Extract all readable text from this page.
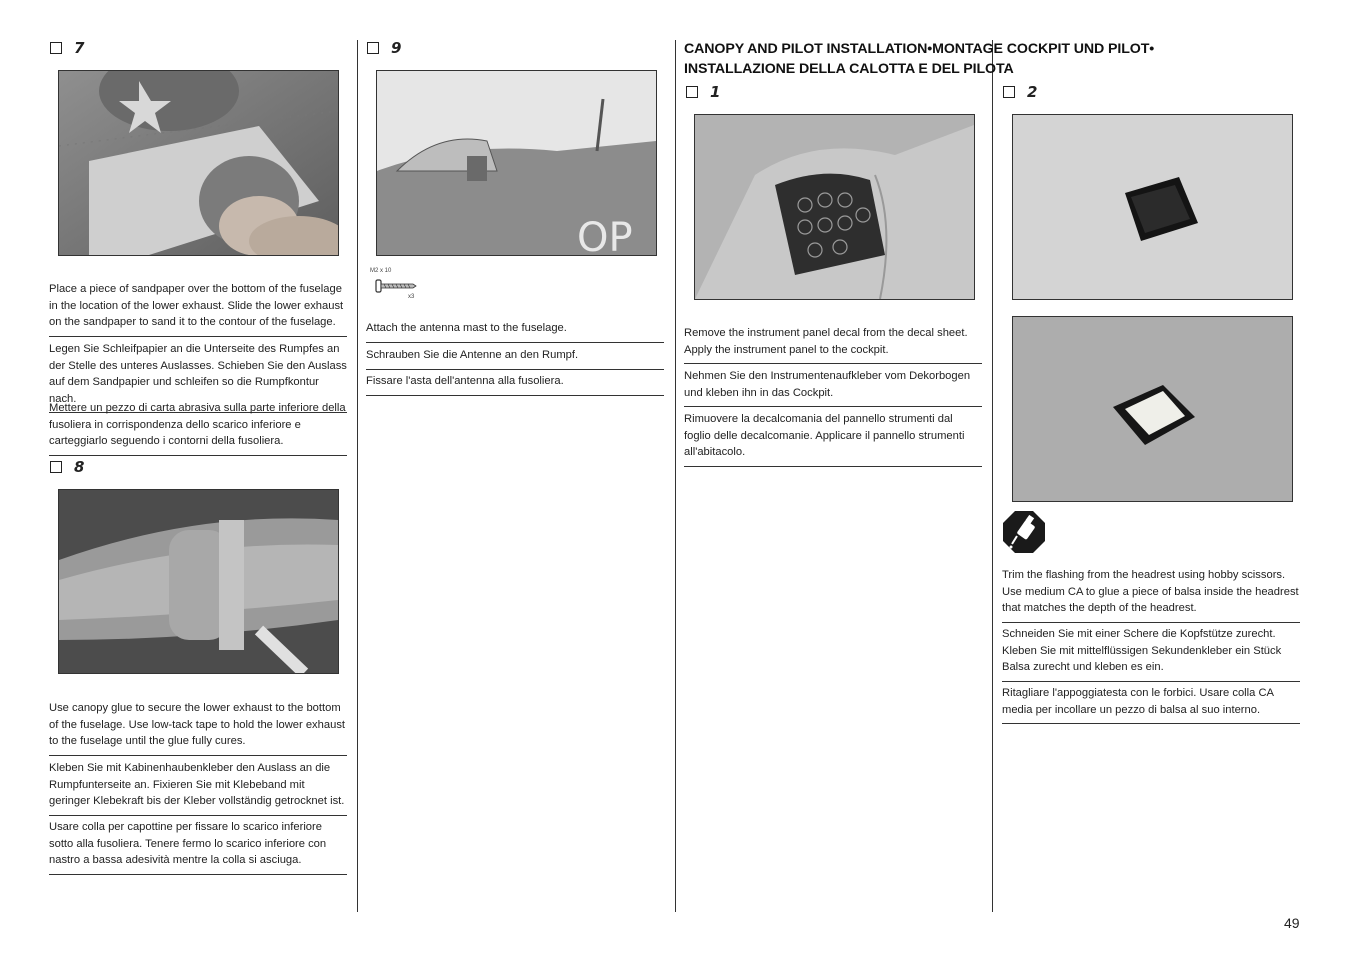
7
Place a piece of sandpaper over the bottom of the fuselage in the location of the lower exhaust. Slide the lower exhaust on the sandpaper to sand it to the contour of the fuselage.
Legen Sie Schleifpapier an die Unterseite des Rumpfes an der Stelle des unteres Auslasses. Schieben Sie den Auslass auf dem Sandpapier und schleifen so die Rumpfkontur nach.
Mettere un pezzo di carta abrasiva sulla parte inferiore della fusoliera in corrispondenza dello scarico inferiore e carteggiarlo seguendo i contorni della fusoliera.
8
Use canopy glue to secure the lower exhaust to the bottom of the fuselage. Use low-tack tape to hold the lower exhaust to the fuselage until the glue fully cures.
Kleben Sie mit Kabinenhaubenkleber den Auslass an die Rumpfunterseite an. Fixieren Sie mit Klebeband mit geringer Klebekraft bis der Kleber vollständig getrocknet ist.
Usare colla per capottine per fissare lo scarico inferiore sotto alla fusoliera. Tenere fermo lo scarico inferiore con nastro a bassa adesività mentre la colla si asciuga.
9
OP
M2 x 10
x3
Attach the antenna mast to the fuselage.
Schrauben Sie die Antenne an den Rumpf.
Fissare l'asta dell'antenna alla fusoliera.
CANOPY AND PILOT INSTALLATION•MONTAGE COCKPIT UND PILOT•
INSTALLAZIONE DELLA CALOTTA E DEL PILOTA
1
Remove the instrument panel decal from the decal sheet. Apply the instrument panel to the cockpit.
Nehmen Sie den Instrumentenaufkleber vom Dekorbogen und kleben ihn in das Cockpit.
Rimuovere la decalcomania del pannello strumenti dal foglio delle decalcomanie. Applicare il pannello strumenti all'abitacolo.
2
Trim the flashing from the headrest using hobby scissors. Use medium CA to glue a piece of balsa inside the headrest that matches the depth of the headrest.
Schneiden Sie mit einer Schere die Kopfstütze zurecht. Kleben Sie mit mittelflüssigen Sekundenkleber ein Stück Balsa zurecht und kleben es ein.
Ritagliare l'appoggiatesta con le forbici. Usare colla CA media per incollare un pezzo di balsa al suo interno.
49
